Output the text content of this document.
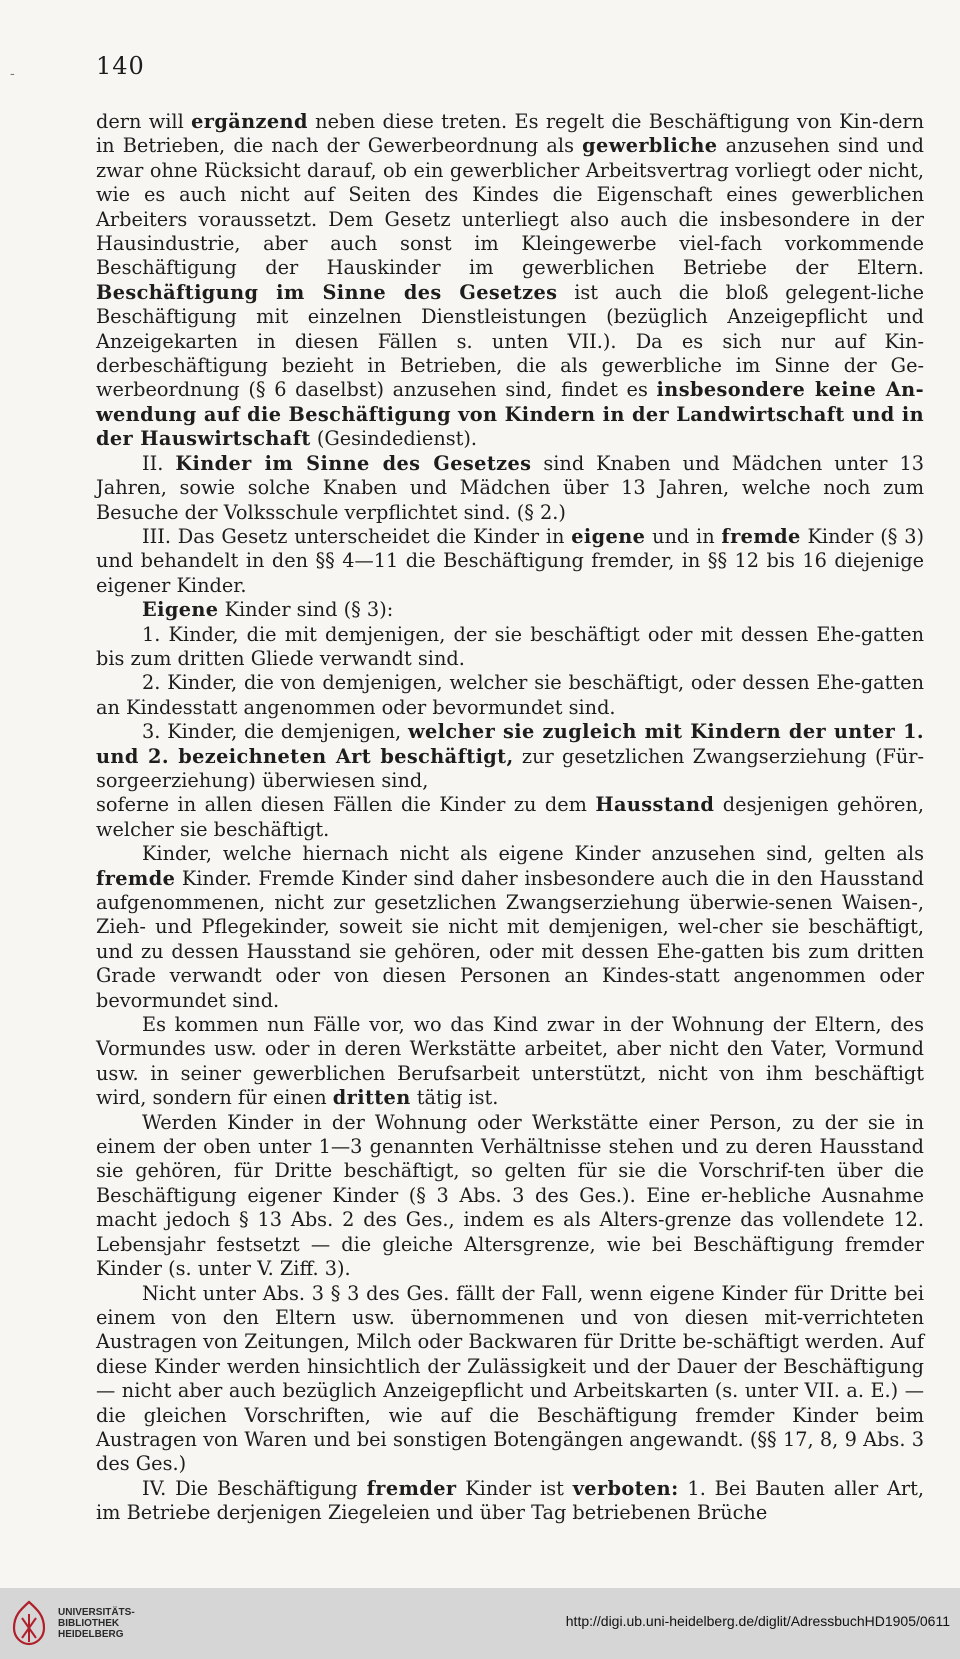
140
-

dern will ergänzend neben diese treten. Es regelt die Beschäftigung von Kin-dern in Betrieben, die nach der Gewerbeordnung als gewerbliche anzusehen sind und zwar ohne Rücksicht darauf, ob ein gewerblicher Arbeitsvertrag vorliegt oder nicht, wie es auch nicht auf Seiten des Kindes die Eigenschaft eines gewerblichen Arbeiters voraussetzt. Dem Gesetz unterliegt also auch die insbesondere in der Hausindustrie, aber auch sonst im Kleingewerbe viel-fach vorkommende Beschäftigung der Hauskinder im gewerblichen Betriebe der Eltern. Beschäftigung im Sinne des Gesetzes ist auch die bloß gelegent-liche Beschäftigung mit einzelnen Dienstleistungen (bezüglich Anzeigepflicht und Anzeigekarten in diesen Fällen s. unten VII.). Da es sich nur auf Kin-derbeschäftigung bezieht in Betrieben, die als gewerbliche im Sinne der Ge-werbeordnung (§ 6 daselbst) anzusehen sind, findet es insbesondere keine An-wendung auf die Beschäftigung von Kindern in der Landwirtschaft und in der Hauswirtschaft (Gesindedienst).

II. Kinder im Sinne des Gesetzes sind Knaben und Mädchen unter 13 Jahren, sowie solche Knaben und Mädchen über 13 Jahren, welche noch zum Besuche der Volksschule verpflichtet sind. (§ 2.)

III. Das Gesetz unterscheidet die Kinder in eigene und in fremde Kinder (§ 3) und behandelt in den §§ 4—11 die Beschäftigung fremder, in §§ 12 bis 16 diejenige eigener Kinder.

Eigene Kinder sind (§ 3):

1. Kinder, die mit demjenigen, der sie beschäftigt oder mit dessen Ehe-gatten bis zum dritten Gliede verwandt sind.

2. Kinder, die von demjenigen, welcher sie beschäftigt, oder dessen Ehe-gatten an Kindesstatt angenommen oder bevormundet sind.

3. Kinder, die demjenigen, welcher sie zugleich mit Kindern der unter 1. und 2. bezeichneten Art beschäftigt, zur gesetzlichen Zwangserziehung (Für-sorgeerziehung) überwiesen sind,

soferne in allen diesen Fällen die Kinder zu dem Hausstand desjenigen gehören, welcher sie beschäftigt.

Kinder, welche hiernach nicht als eigene Kinder anzusehen sind, gelten als fremde Kinder. Fremde Kinder sind daher insbesondere auch die in den Hausstand aufgenommenen, nicht zur gesetzlichen Zwangserziehung überwie-senen Waisen-, Zieh- und Pflegekinder, soweit sie nicht mit demjenigen, wel-cher sie beschäftigt, und zu dessen Hausstand sie gehören, oder mit dessen Ehe-gatten bis zum dritten Grade verwandt oder von diesen Personen an Kindes-statt angenommen oder bevormundet sind.

Es kommen nun Fälle vor, wo das Kind zwar in der Wohnung der Eltern, des Vormundes usw. oder in deren Werkstätte arbeitet, aber nicht den Vater, Vormund usw. in seiner gewerblichen Berufsarbeit unterstützt, nicht von ihm beschäftigt wird, sondern für einen dritten tätig ist.

Werden Kinder in der Wohnung oder Werkstätte einer Person, zu der sie in einem der oben unter 1—3 genannten Verhältnisse stehen und zu deren Hausstand sie gehören, für Dritte beschäftigt, so gelten für sie die Vorschrif-ten über die Beschäftigung eigener Kinder (§ 3 Abs. 3 des Ges.). Eine er-hebliche Ausnahme macht jedoch § 13 Abs. 2 des Ges., indem es als Alters-grenze das vollendete 12. Lebensjahr festsetzt — die gleiche Altersgrenze, wie bei Beschäftigung fremder Kinder (s. unter V. Ziff. 3).

Nicht unter Abs. 3 § 3 des Ges. fällt der Fall, wenn eigene Kinder für Dritte bei einem von den Eltern usw. übernommenen und von diesen mit-verrichteten Austragen von Zeitungen, Milch oder Backwaren für Dritte be-schäftigt werden. Auf diese Kinder werden hinsichtlich der Zulässigkeit und der Dauer der Beschäftigung — nicht aber auch bezüglich Anzeigepflicht und Arbeitskarten (s. unter VII. a. E.) — die gleichen Vorschriften, wie auf die Beschäftigung fremder Kinder beim Austragen von Waren und bei sonstigen Botengängen angewandt. (§§ 17, 8, 9 Abs. 3 des Ges.)

IV. Die Beschäftigung fremder Kinder ist verboten: 1. Bei Bauten aller Art, im Betriebe derjenigen Ziegeleien und über Tag betriebenen Brüche

UNIVERSITÄTS-
BIBLIOTHEK
HEIDELBERG
http://digi.ub.uni-heidelberg.de/diglit/AdressbuchHD1905/0611
